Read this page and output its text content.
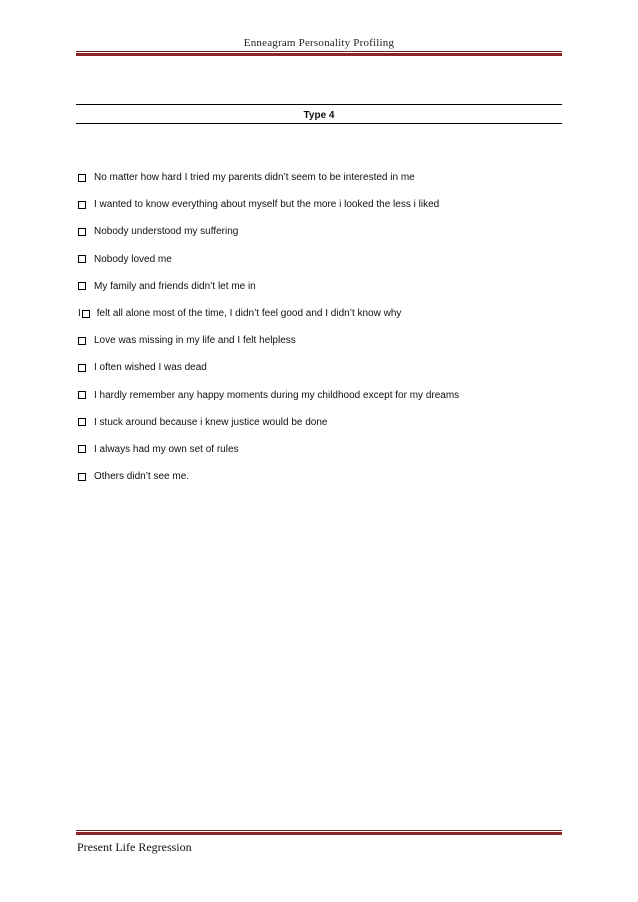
Enneagram Personality Profiling
Type 4
No matter how hard I tried my parents didn’t seem to be interested in me
I wanted to know everything about myself but the more i looked the less i liked
Nobody understood my suffering
Nobody loved me
My family and friends didn’t let me in
I felt all alone most of the time, I didn’t feel good and I didn’t know why
Love was missing in my life and I felt helpless
I often wished I was dead
I hardly remember any happy moments during my childhood except for my dreams
I stuck around because i knew justice would be done
I always had my own set of rules
Others didn’t see me.
Present Life Regression
